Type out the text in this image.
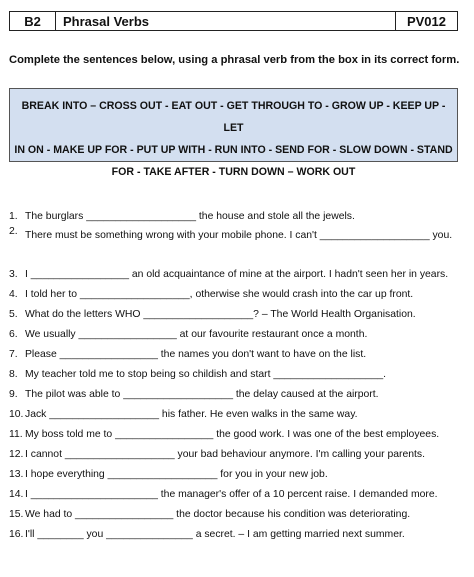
B2	Phrasal Verbs	PV012
Complete the sentences below, using a phrasal verb from the box in its correct form.
BREAK INTO – CROSS OUT - EAT OUT - GET THROUGH TO - GROW UP - KEEP UP - LET
IN ON - MAKE UP FOR - PUT UP WITH - RUN INTO - SEND FOR - SLOW DOWN - STAND
FOR - TAKE AFTER - TURN DOWN – WORK OUT
1. The burglars ___________________ the house and stole all the jewels.
2. There must be something wrong with your mobile phone. I can't ___________________ you.
3. I _________________ an old acquaintance of mine at the airport. I hadn't seen her in years.
4. I told her to ___________________, otherwise she would crash into the car up front.
5. What do the letters WHO ___________________? – The World Health Organisation.
6. We usually _________________ at our favourite restaurant once a month.
7. Please _________________ the names you don't want to have on the list.
8. My teacher told me to stop being so childish and start ___________________.
9. The pilot was able to ___________________ the delay caused at the airport.
10. Jack ___________________ his father. He even walks in the same way.
11. My boss told me to _________________ the good work. I was one of the best employees.
12. I cannot ___________________ your bad behaviour anymore. I'm calling your parents.
13. I hope everything ___________________ for you in your new job.
14. I ______________________ the manager's offer of a 10 percent raise. I demanded more.
15. We had to _________________ the doctor because his condition was deteriorating.
16. I'll ________ you _______________ a secret. – I am getting married next summer.
